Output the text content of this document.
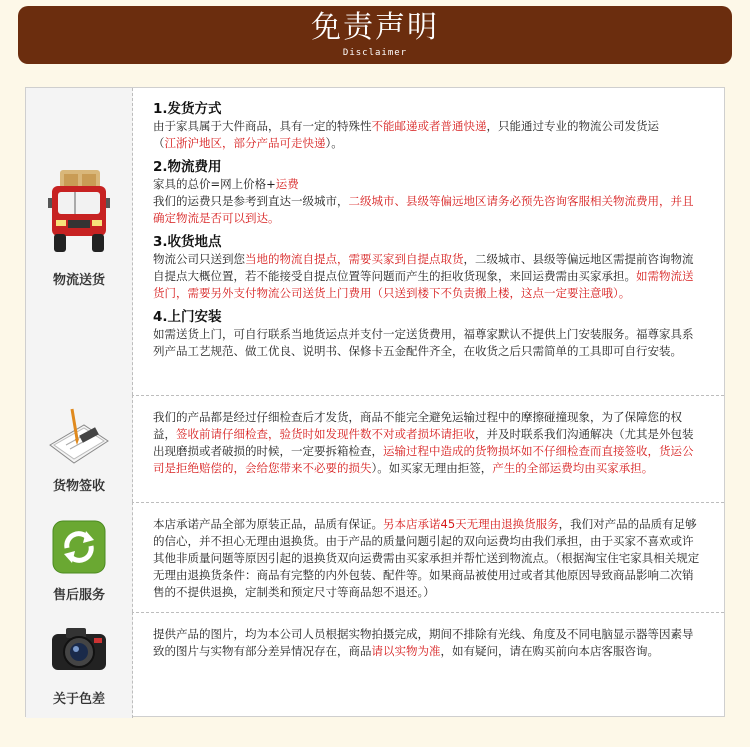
免责声明
Disclaimer
物流送货
1.发货方式

由于家具属于大件商品，具有一定的特殊性不能邮递或者普通快递，只能通过专业的物流公司发货运
（江浙沪地区，部分产品可走快递）。

2.物流费用

家具的总价=网上价格+运费

我们的运费只是参考到直达一级城市，二级城市、县级等偏远地区请务必预先咨询客服相关物流费用，并且确定物流是否可以到达。

3.收货地点

物流公司只送到您当地的物流自提点，需要买家到自提点取货，二级城市、县级等偏远地区需提前咨询物流自提点大概位置，若不能接受自提点位置等问题而产生的拒收货现象，来回运费需由买家承担。如需物流送货门，需要另外支付物流公司送货上门费用（只送到楼下不负责搬上楼，这点一定要注意哦）。

4.上门安装

如需送货上门，可自行联系当地货运点并支付一定送货费用，福尊家默认不提供上门安装服务。福尊家具系列产品工艺规范、做工优良、说明书、保修卡五金配件齐全，在收货之后只需简单的工具即可自行安装。

货物签收

我们的产品都是经过仔细检查后才发货，商品不能完全避免运输过程中的摩擦碰撞现象，为了保障您的权益，签收前请仔细检查，验货时如发现件数不对或者损坏请拒收，并及时联系我们沟通解决（尤其是外包装出现磨损或者破损的时候，一定要拆箱检查，运输过程中造成的货物损坏如不仔细检查而直接签收，货运公司是拒绝赔偿的，会给您带来不必要的损失）。如买家无理由拒签，产生的全部运费均由买家承担。

售后服务

本店承诺产品全部为原装正品，品质有保证。另本店承诺45天无理由退换货服务，我们对产品的品质有足够的信心，并不担心无理由退换货。由于产品的质量问题引起的双向运费均由我们承担，由于买家不喜欢或许其他非质量问题等原因引起的退换货双向运费需由买家承担并帮忙送到物流点。（根据淘宝住宅家具相关规定无理由退换货条件：商品有完整的内外包装、配件等。如果商品被使用过或者其他原因导致商品影响二次销售的不提供退换，定制类和预定尺寸等商品恕不退还。）

关于色差

提供产品的图片，均为本公司人员根据实物拍摄完成，期间不排除有光线、角度及不同电脑显示器等因素导致的图片与实物有部分差异情况存在，商品请以实物为准，如有疑问，请在购买前向本店客服咨询。
